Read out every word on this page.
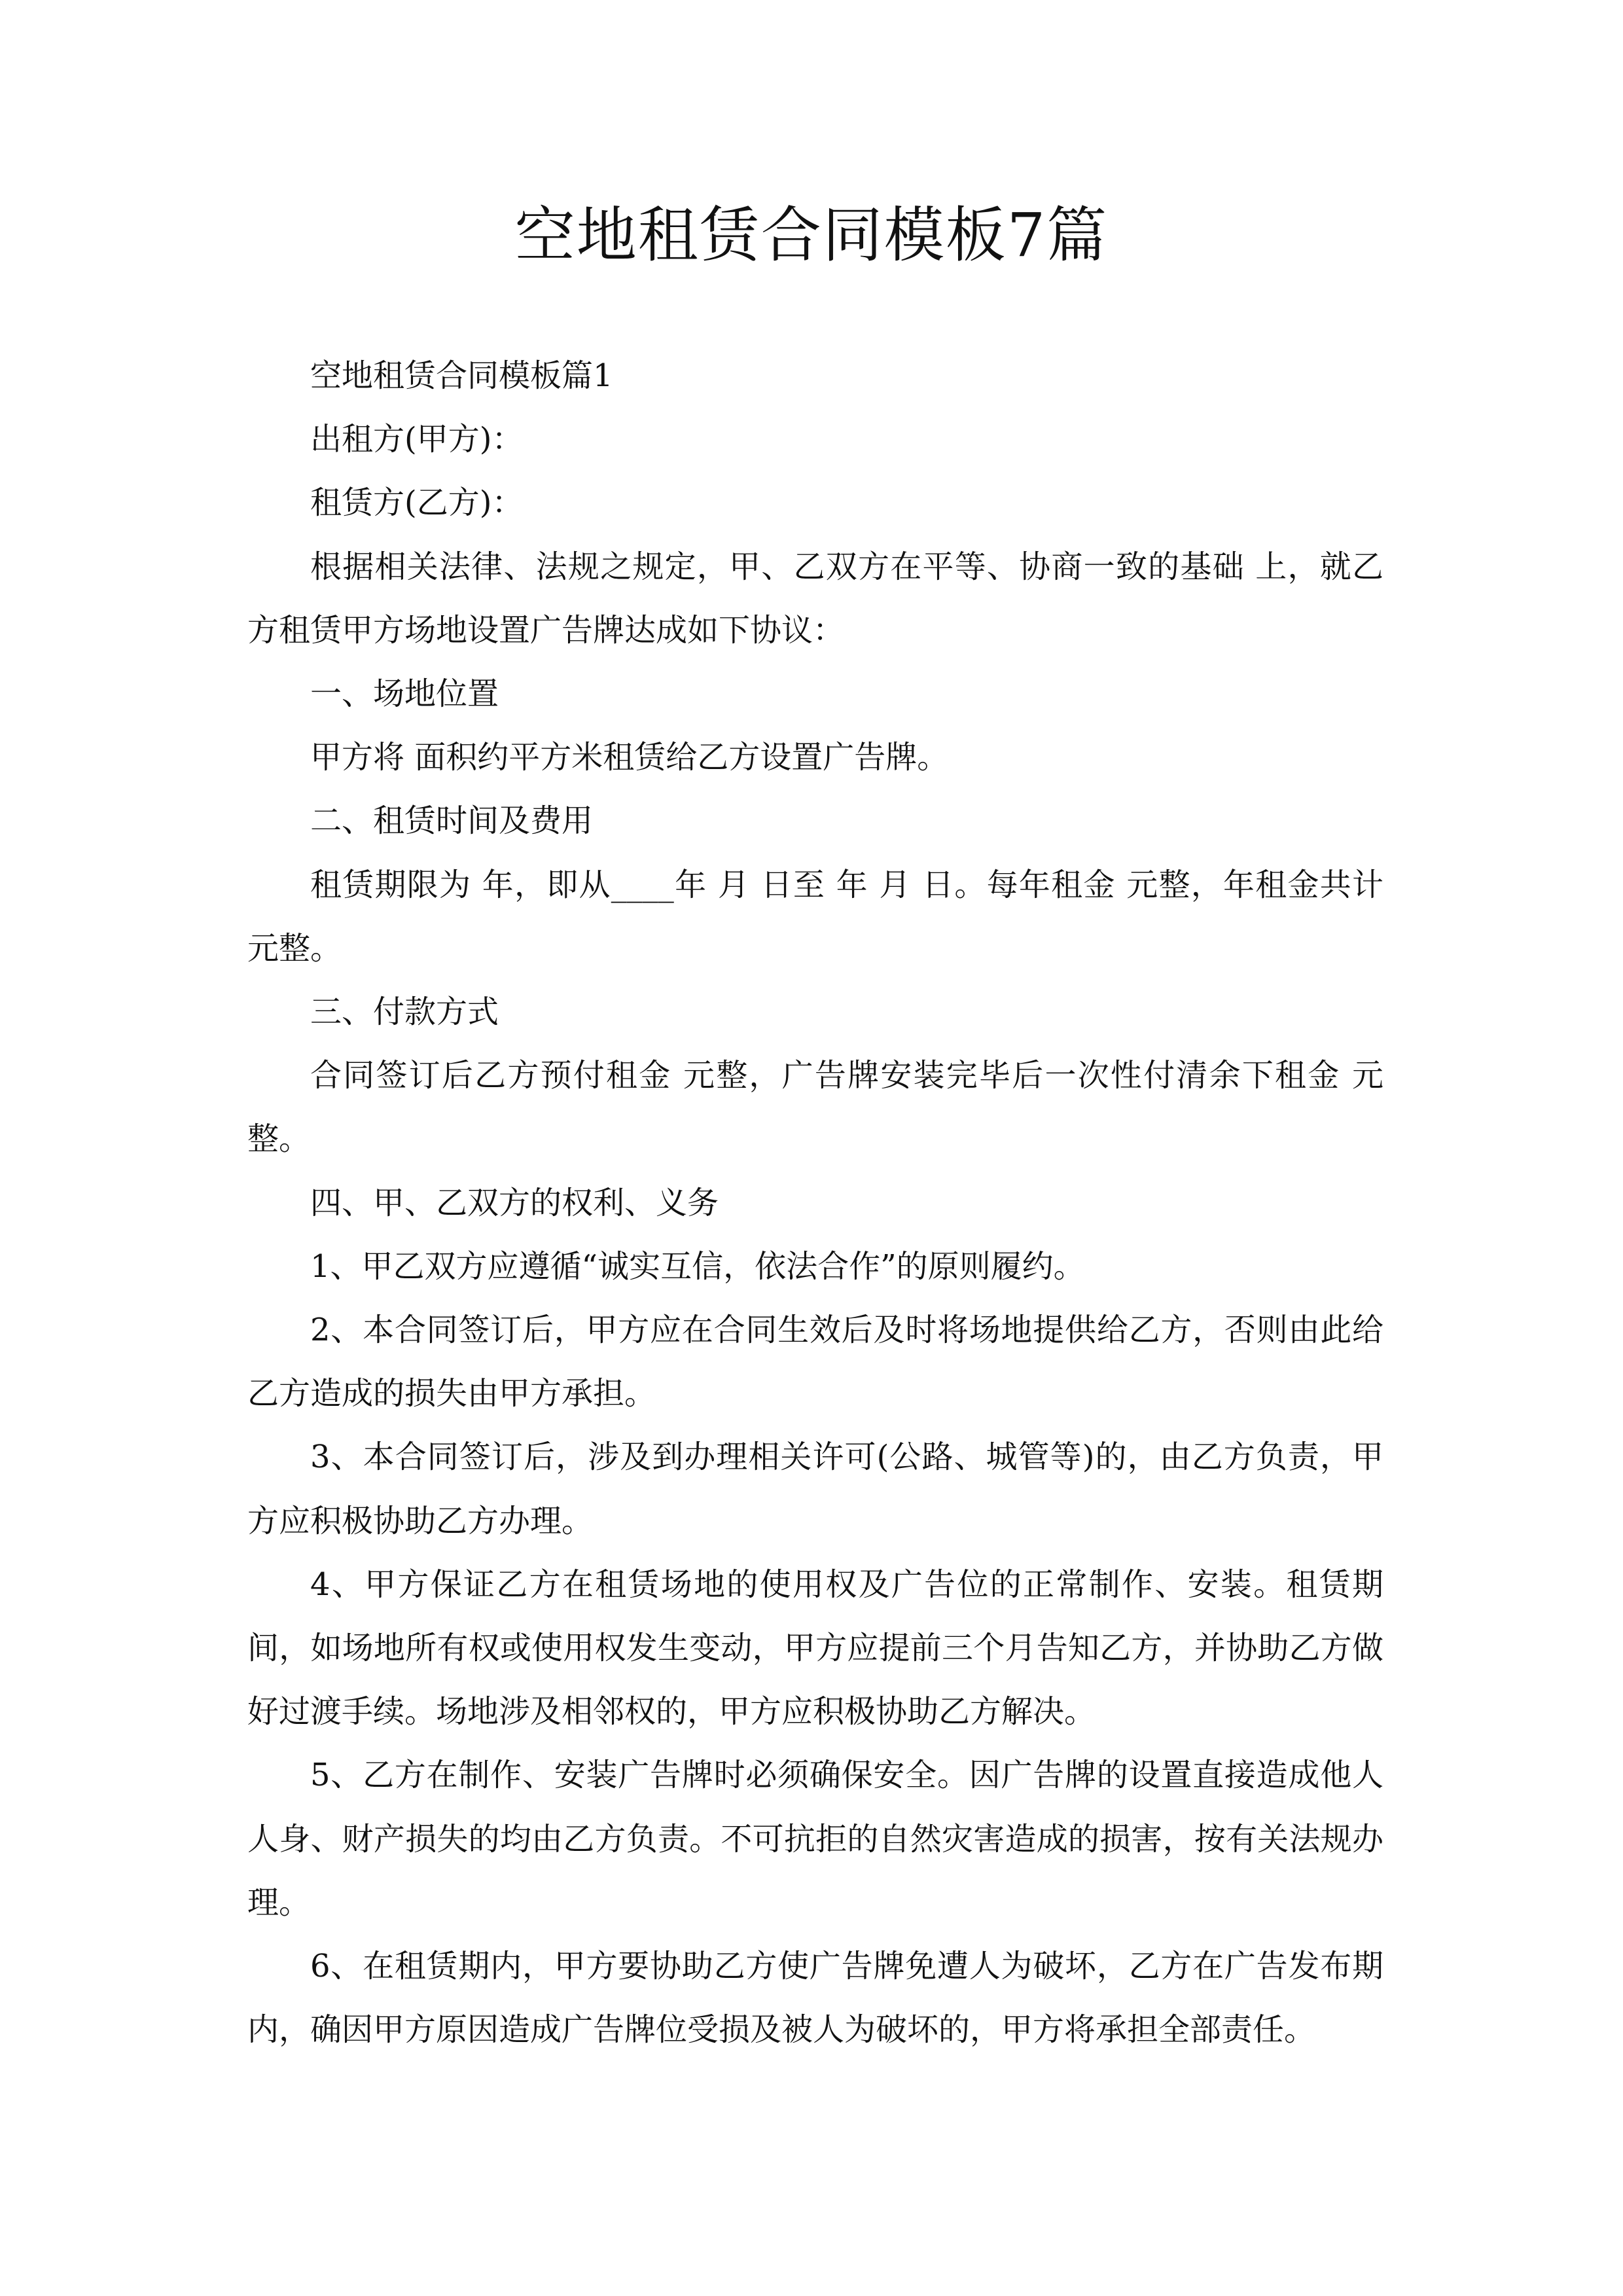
空地租赁合同模板7篇

空地租赁合同模板篇1

出租方(甲方)：

租赁方(乙方)：

根据相关法律、法规之规定，甲、乙双方在平等、协商一致的基础 上，就乙方租赁甲方场地设置广告牌达成如下协议：

一、场地位置

甲方将 面积约平方米租赁给乙方设置广告牌。

二、租赁时间及费用

租赁期限为 年，即从____年 月 日至 年 月 日。每年租金 元整，年租金共计 元整。

三、付款方式

合同签订后乙方预付租金 元整，广告牌安装完毕后一次性付清余下租金 元整。

四、甲、乙双方的权利、义务

1、甲乙双方应遵循“诚实互信，依法合作”的原则履约。

2、本合同签订后，甲方应在合同生效后及时将场地提供给乙方，否则由此给乙方造成的损失由甲方承担。

3、本合同签订后，涉及到办理相关许可(公路、城管等)的，由乙方负责，甲方应积极协助乙方办理。

4、甲方保证乙方在租赁场地的使用权及广告位的正常制作、安装。租赁期间，如场地所有权或使用权发生变动，甲方应提前三个月告知乙方，并协助乙方做好过渡手续。场地涉及相邻权的，甲方应积极协助乙方解决。

5、乙方在制作、安装广告牌时必须确保安全。因广告牌的设置直接造成他人人身、财产损失的均由乙方负责。不可抗拒的自然灾害造成的损害，按有关法规办理。

6、在租赁期内，甲方要协助乙方使广告牌免遭人为破坏，乙方在广告发布期内，确因甲方原因造成广告牌位受损及被人为破坏的，甲方将承担全部责任。
